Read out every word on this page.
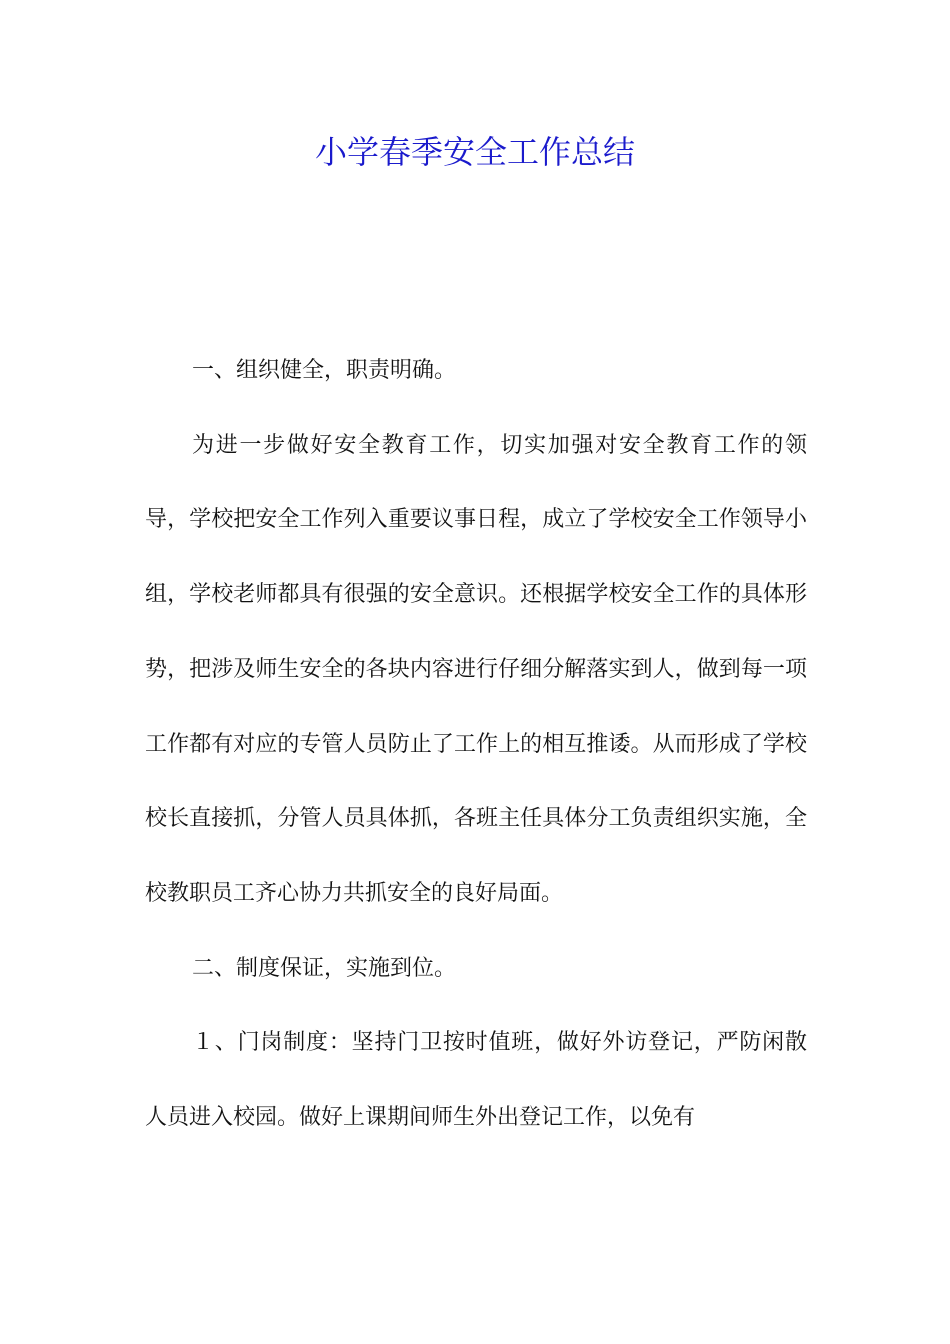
小学春季安全工作总结

一、组织健全，职责明确。

为进一步做好安全教育工作，切实加强对安全教育工作的领导，学校把安全工作列入重要议事日程，成立了学校安全工作领导小组，学校老师都具有很强的安全意识。还根据学校安全工作的具体形势，把涉及师生安全的各块内容进行仔细分解落实到人，做到每一项工作都有对应的专管人员防止了工作上的相互推诿。从而形成了学校校长直接抓，分管人员具体抓，各班主任具体分工负责组织实施，全校教职员工齐心协力共抓安全的良好局面。

二、制度保证，实施到位。

１、门岗制度：坚持门卫按时值班，做好外访登记，严防闲散人员进入校园。做好上课期间师生外出登记工作，以免有
